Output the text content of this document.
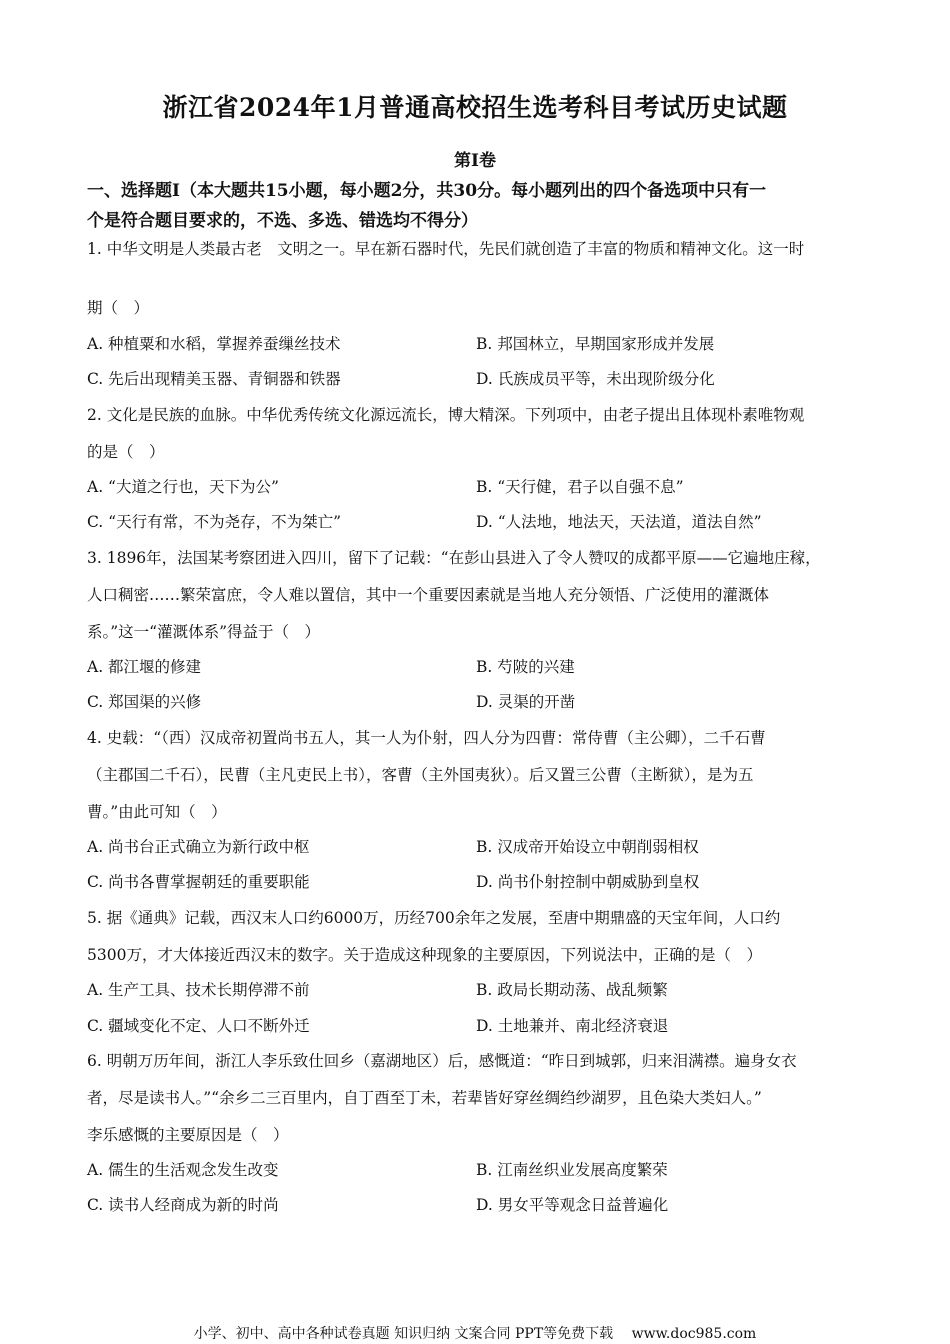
浙江省2024年1月普通高校招生选考科目考试历史试题
第Ⅰ卷
一、选择题Ⅰ（本大题共15小题，每小题2分，共30分。每小题列出的四个备选项中只有一
个是符合题目要求的，不选、多选、错选均不得分）
1. 中华文明是人类最古老　文明之一。早在新石器时代，先民们就创造了丰富的物质和精神文化。这一时
期（　）
A. 种植粟和水稻，掌握养蚕缫丝技术	B. 邦国林立，早期国家形成并发展
C. 先后出现精美玉器、青铜器和铁器	D. 氏族成员平等，未出现阶级分化
2. 文化是民族的血脉。中华优秀传统文化源远流长，博大精深。下列项中，由老子提出且体现朴素唯物观
的是（　）
A. “大道之行也，天下为公”	B. “天行健，君子以自强不息”
C. “天行有常，不为尧存，不为桀亡”	D. “人法地，地法天，天法道，道法自然”
3. 1896年，法国某考察团进入四川，留下了记载：“在彭山县进入了令人赞叹的成都平原——它遍地庄稼，
人口稠密……繁荣富庶，令人难以置信，其中一个重要因素就是当地人充分领悟、广泛使用的灌溉体
系。”这一“灌溉体系”得益于（　）
A. 都江堰的修建	B. 芍陂的兴建
C. 郑国渠的兴修	D. 灵渠的开凿
4. 史载：“（西）汉成帝初置尚书五人，其一人为仆射，四人分为四曹：常侍曹（主公卿），二千石曹
（主郡国二千石），民曹（主凡吏民上书），客曹（主外国夷狄）。后又置三公曹（主断狱），是为五
曹。”由此可知（　）
A. 尚书台正式确立为新行政中枢	B. 汉成帝开始设立中朝削弱相权
C. 尚书各曹掌握朝廷的重要职能	D. 尚书仆射控制中朝威胁到皇权
5. 据《通典》记载，西汉末人口约6000万，历经700余年之发展，至唐中期鼎盛的天宝年间，人口约
5300万，才大体接近西汉末的数字。关于造成这种现象的主要原因，下列说法中，正确的是（　）
A. 生产工具、技术长期停滞不前	B. 政局长期动荡、战乱频繁
C. 疆域变化不定、人口不断外迁	D. 土地兼并、南北经济衰退
6. 明朝万历年间，浙江人李乐致仕回乡（嘉湖地区）后，感慨道：“昨日到城郭，归来泪满襟。遍身女衣
者，尽是读书人。”“余乡二三百里内，自丁酉至丁未，若辈皆好穿丝绸绉纱湖罗，且色染大类妇人。”
李乐感慨的主要原因是（　）
A. 儒生的生活观念发生改变	B. 江南丝织业发展高度繁荣
C. 读书人经商成为新的时尚	D. 男女平等观念日益普遍化
小学、初中、高中各种试卷真题 知识归纳 文案合同 PPT等免费下载　 www.doc985.com
